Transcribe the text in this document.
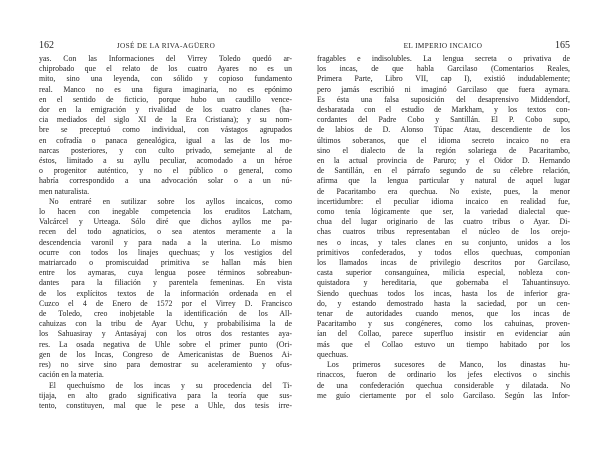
162	JOSÉ DE LA RIVA-AGÜERO
yas. Con las Informaciones del Virrey Toledo quedó ar-
chiprobado que el relato de los cuatro Ayares no es un
mito, sino una leyenda, con sólido y copioso fundamento
real. Manco no es una figura imaginaria, no es epónimo
en el sentido de ficticio, porque hubo un caudillo vence-
dor en la emigración y rivalidad de los cuatro clanes (ha-
cia mediados del siglo XI de la Era Cristiana); y su nom-
bre se preceptuó como individual, con vástagos agrupados
en cofradía o panaca genealógica, igual a las de los mo-
narcas posteriores, y con culto privado, semejante al de
éstos, limitado a su ayllu peculiar, acomodado a un héroe
o progenitor auténtico, y no el público o general, como
habría correspondido a una advocación solar o a un nú-
men naturalista.
No entraré en sutilizar sobre los ayllos incaicos, como
lo hacen con inegable competencia los eruditos Latcham,
Valcárcel y Urteaga. Sólo diré que dichos ayllos me pa-
recen del todo agnaticios, o sea atentos meramente a la
descendencia varonil y para nada a la uterina. Lo mismo
ocurre con todos los linajes quechuas; y los vestigios del
matriarcado o promiscuidad primitiva se hallan más bien
entre los aymaras, cuya lengua posee términos sobreabun-
dantes para la filiación y parentela femeninas. En vista
de los explícitos textos de la información ordenada en el
Cuzco el 4 de Enero de 1572 por el Virrey D. Francisco
de Toledo, creo inobjetable la identificación de los All-
cahuizas con la tribu de Ayar Uchu, y probabilísima la de
los Sahuasiray y Antasáyaj con los otros dos restantes ayа-
res. La osada negativa de Uhle sobre el primer punto (Ori-
gen de los Incas, Congreso de Americanistas de Buenos Ai-
res) no sirve sino para demostrar su aceleramiento y ofus-
cación en la materia.
El quechuísmo de los incas y su procedencia del Ti-
tijaja, en alto grado significativa para la teoría que sus-
tento, constituyen, mal que le pese a Uhle, dos tesis irre-
EL IMPERIO INCAICO	165
fragables e indisolubles. La lengua secreta o privativa de
los incas, de que habla Garcilaso (Comentarios Reales,
Primera Parte, Libro VII, cap I), existió indudablemente;
pero jamás escribió ni imaginó Garcilaso que fuera aymara.
Es ésta una falsa suposición del desaprensivo Middendorf,
desbaratada con el estudio de Markham, y los textos con-
cordantes del Padre Cobo y Santillán. El P. Cobo supo,
de labios de D. Alonso Túpac Atau, descendiente de los
últimos soberanos, que el idioma secreto incaico no era
sino el dialecto de la región solariega de Pacaritambo,
en la actual provincia de Paruro; y el Oidor D. Hernando
de Santillán, en el párrafo segundo de su célebre relación,
afirma que la lengua particular y natural de aquel lugar
de Pacaritambo era quechua. No existe, pues, la menor
incertidumbre: el peculiar idioma incaico en realidad fue,
como tenía lógicamente que ser, la variedad dialectal que-
chua del lugar originario de las cuatro tribus o Ayar. Di-
chas cuatros tribus representaban el núcleo de los orejo-
nes o incas, y tales clanes en su conjunto, unidos a los
primitivos confederados, y todos ellos quechuas, componían
los llamados incas de privilegio descritos por Garcilaso,
casta superior consanguínea, milicia especial, nobleza con-
quistadora y hereditaria, que gobernaba el Tahuantinsuyo.
Siendo quechuas todos los incas, hasta los de inferior gra-
do, y estando demostrado hasta la saciedad, por un cen-
tenar de autoridades cuando menos, que los incas de
Pacaritambo y sus congéneres, como los cahuinas, proven-
ían del Collao, parece superfluo insistir en evidenciar aún
más que el Collao estuvo un tiempo habitado por los
quechuas.
Los primeros sucesores de Manco, los dinastas hu-
rinaccos, fueron de ordinario los jefes electivos o sinchis
de una confederación quechua considerable y dilatada. No
me guío ciertamente por el solo Garcilaso. Según las Infor-
